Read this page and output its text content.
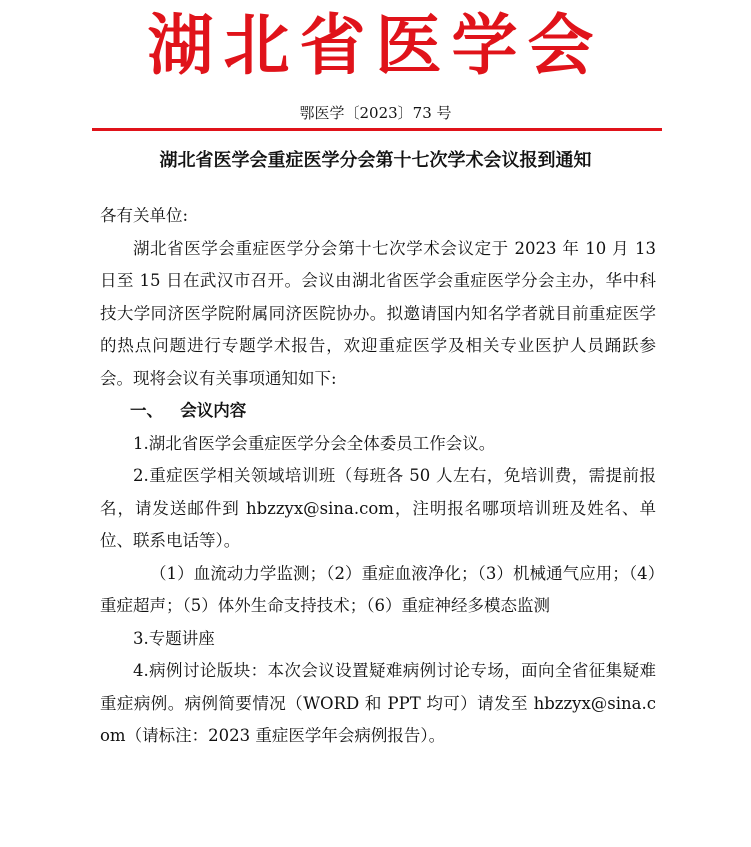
湖北省医学会
鄂医学〔2023〕73 号
湖北省医学会重症医学分会第十七次学术会议报到通知

各有关单位:

湖北省医学会重症医学分会第十七次学术会议定于 2023 年 10 月 13 日至 15 日在武汉市召开。会议由湖北省医学会重症医学分会主办，华中科技大学同济医学院附属同济医院协办。拟邀请国内知名学者就目前重症医学的热点问题进行专题学术报告，欢迎重症医学及相关专业医护人员踊跃参会。现将会议有关事项通知如下:

一、   会议内容

1.湖北省医学会重症医学分会全体委员工作会议。

2.重症医学相关领域培训班（每班各 50 人左右，免培训费，需提前报名，请发送邮件到 hbzzyx@sina.com，注明报名哪项培训班及姓名、单位、联系电话等）。

（1）血流动力学监测；（2）重症血液净化；（3）机械通气应用；（4）重症超声；（5）体外生命支持技术；（6）重症神经多模态监测

3.专题讲座

4.病例讨论版块：本次会议设置疑难病例讨论专场，面向全省征集疑难重症病例。病例简要情况（WORD 和 PPT 均可）请发至 hbzzyx@sina.com（请标注：2023 重症医学年会病例报告）。
